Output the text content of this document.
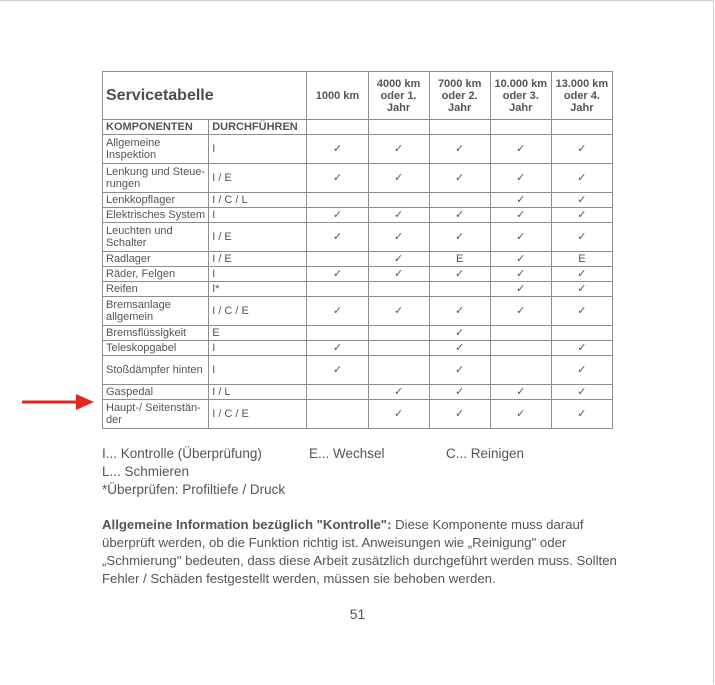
Servicetabelle		1000 km	4000 km oder 1. Jahr	7000 km oder 2. Jahr	10.000 km oder 3. Jahr	13.000 km oder 4. Jahr
KOMPONENTEN	DURCHFÜHREN					
Allgemeine Inspektion	I	✓	✓	✓	✓	✓
Lenkung und Steue-rungen	I / E	✓	✓	✓	✓	✓
Lenkkopflager	I / C / L				✓	✓
Elektrisches System	I	✓	✓	✓	✓	✓
Leuchten und Schalter	I / E	✓	✓	✓	✓	✓
Radlager	I / E		✓	E	✓	E
Räder, Felgen	I	✓	✓	✓	✓	✓
Reifen	I*				✓	✓
Bremsanlage allgemein	I / C / E	✓	✓	✓	✓	✓
Bremsflüssigkeit	E			✓		
Teleskopgabel	I	✓		✓		✓
Stoßdämpfer hinten	I	✓		✓		✓
Gaspedal	I / L		✓	✓	✓	✓
Haupt-/ Seitenstän-der	I / C / E		✓	✓	✓	✓
I... Kontrolle (Überprüfung)	E... Wechsel	C... Reinigen
L... Schmieren
*Überprüfen: Profiltiefe / Druck
Allgemeine Information bezüglich "Kontrolle": Diese Komponente muss darauf überprüft werden, ob die Funktion richtig ist. Anweisungen wie „Reinigung" oder „Schmierung" bedeuten, dass diese Arbeit zusätzlich durchgeführt werden muss. Sollten Fehler / Schäden festgestellt werden, müssen sie behoben werden.
51
